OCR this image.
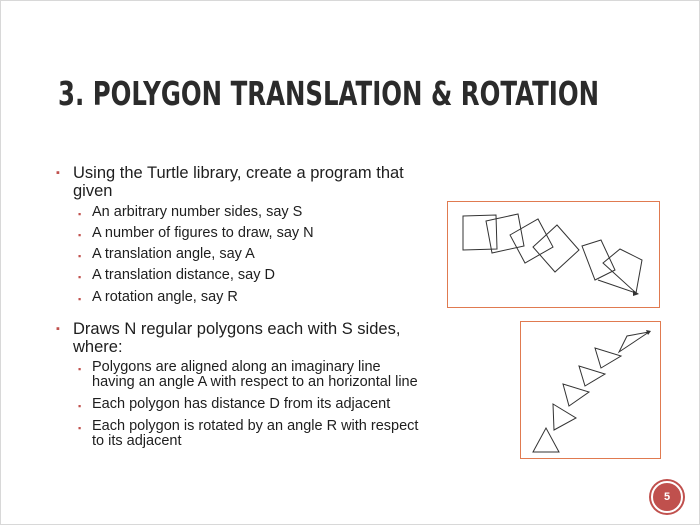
3. POLYGON TRANSLATION & ROTATION
▪ Using the Turtle library, create a program that
given
▪ An arbitrary number sides, say S
▪ A number of figures to draw, say N
▪ A translation angle, say A
▪ A translation distance, say D
▪ A rotation angle, say R
▪ Draws N regular polygons each with S sides,
where:
▪ Polygons are aligned along an imaginary line
having an angle A with respect to an horizontal line
▪ Each polygon has distance D from its adjacent
▪ Each polygon is rotated by an angle R with respect
to its adjacent
5
